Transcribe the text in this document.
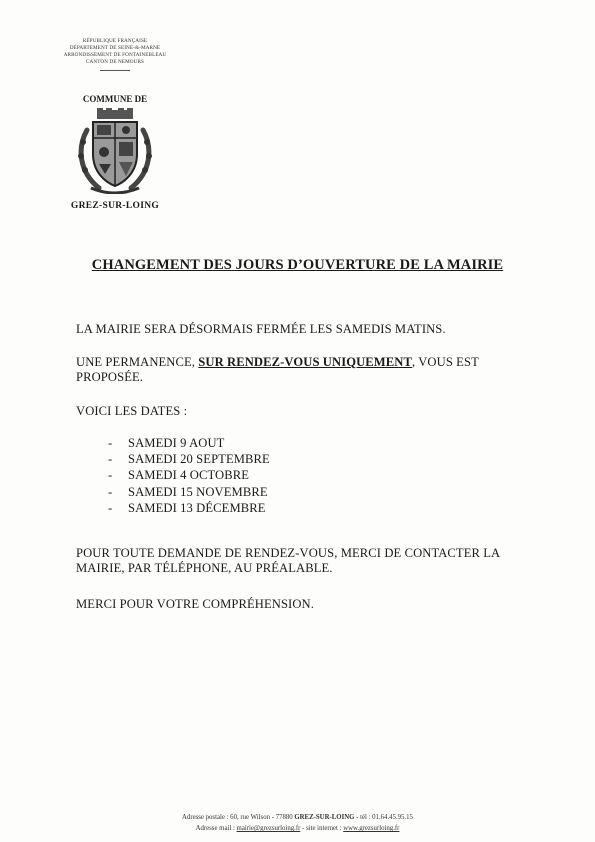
RÉPUBLIQUE FRANÇAISE
DÉPARTEMENT DE SEINE-&-MARNE
ARRONDISSEMENT DE FONTAINEBLEAU
CANTON DE NEMOURS
COMMUNE DE
GREZ-SUR-LOING
CHANGEMENT DES JOURS D’OUVERTURE DE LA MAIRIE
LA MAIRIE SERA DÉSORMAIS FERMÉE LES SAMEDIS MATINS.
UNE PERMANENCE, SUR RENDEZ-VOUS UNIQUEMENT, VOUS EST PROPOSÉE.
VOICI LES DATES :
-	SAMEDI 9 AOUT
-	SAMEDI 20 SEPTEMBRE
-	SAMEDI 4 OCTOBRE
-	SAMEDI 15 NOVEMBRE
-	SAMEDI 13 DÉCEMBRE
POUR TOUTE DEMANDE DE RENDEZ-VOUS, MERCI DE CONTACTER LA MAIRIE, PAR TÉLÉPHONE, AU PRÉALABLE.
MERCI POUR VOTRE COMPRÉHENSION.
Adresse postale : 60, rue Wilson - 77880 GREZ-SUR-LOING - tél : 01.64.45.95.15
Adresse mail : mairie@grezsurloing.fr - site internet : www.grezsurloing.fr
